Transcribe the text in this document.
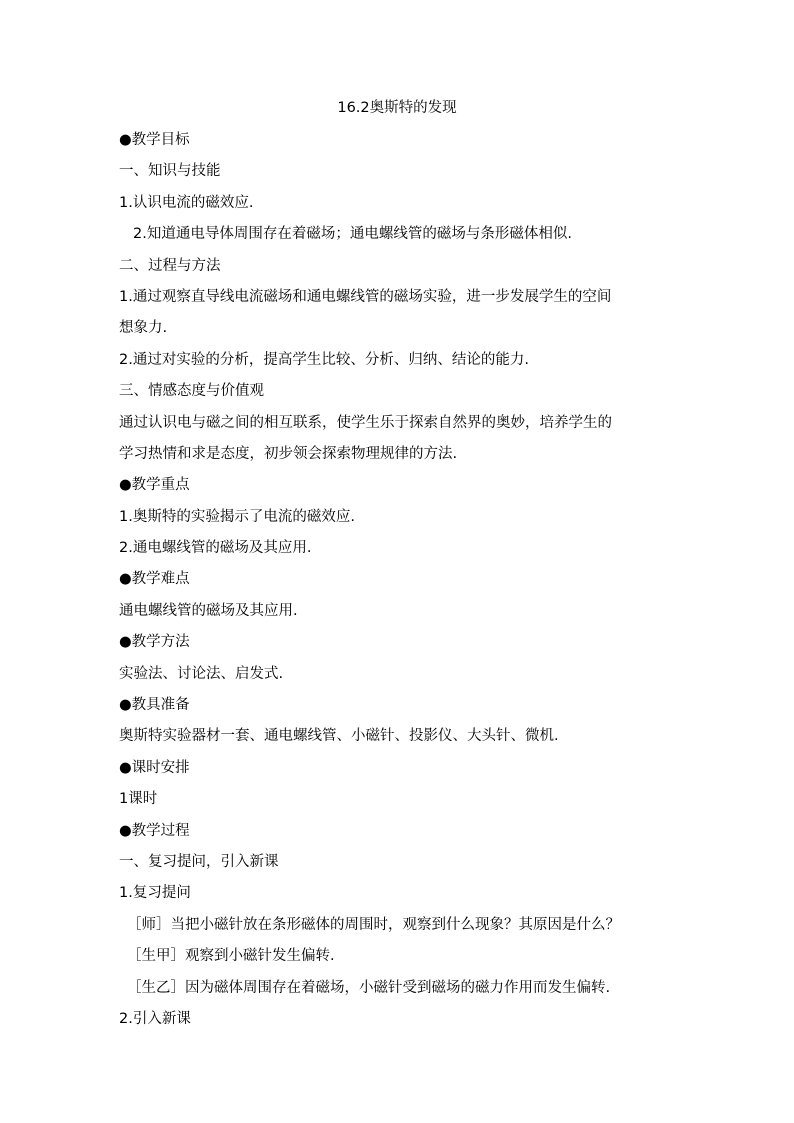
16.2奥斯特的发现
●教学目标
一、知识与技能
1.认识电流的磁效应.
2.知道通电导体周围存在着磁场；通电螺线管的磁场与条形磁体相似.
二、过程与方法
1.通过观察直导线电流磁场和通电螺线管的磁场实验，进一步发展学生的空间
想象力.
2.通过对实验的分析，提高学生比较、分析、归纳、结论的能力.
三、情感态度与价值观
通过认识电与磁之间的相互联系，使学生乐于探索自然界的奥妙，培养学生的
学习热情和求是态度，初步领会探索物理规律的方法.
●教学重点
1.奥斯特的实验揭示了电流的磁效应.
2.通电螺线管的磁场及其应用.
●教学难点
通电螺线管的磁场及其应用.
●教学方法
实验法、讨论法、启发式.
●教具准备
奥斯特实验器材一套、通电螺线管、小磁针、投影仪、大头针、微机.
●课时安排
1课时
●教学过程
一、复习提问，引入新课
1.复习提问
［师］当把小磁针放在条形磁体的周围时，观察到什么现象？其原因是什么？
［生甲］观察到小磁针发生偏转.
［生乙］因为磁体周围存在着磁场，小磁针受到磁场的磁力作用而发生偏转.
2.引入新课
